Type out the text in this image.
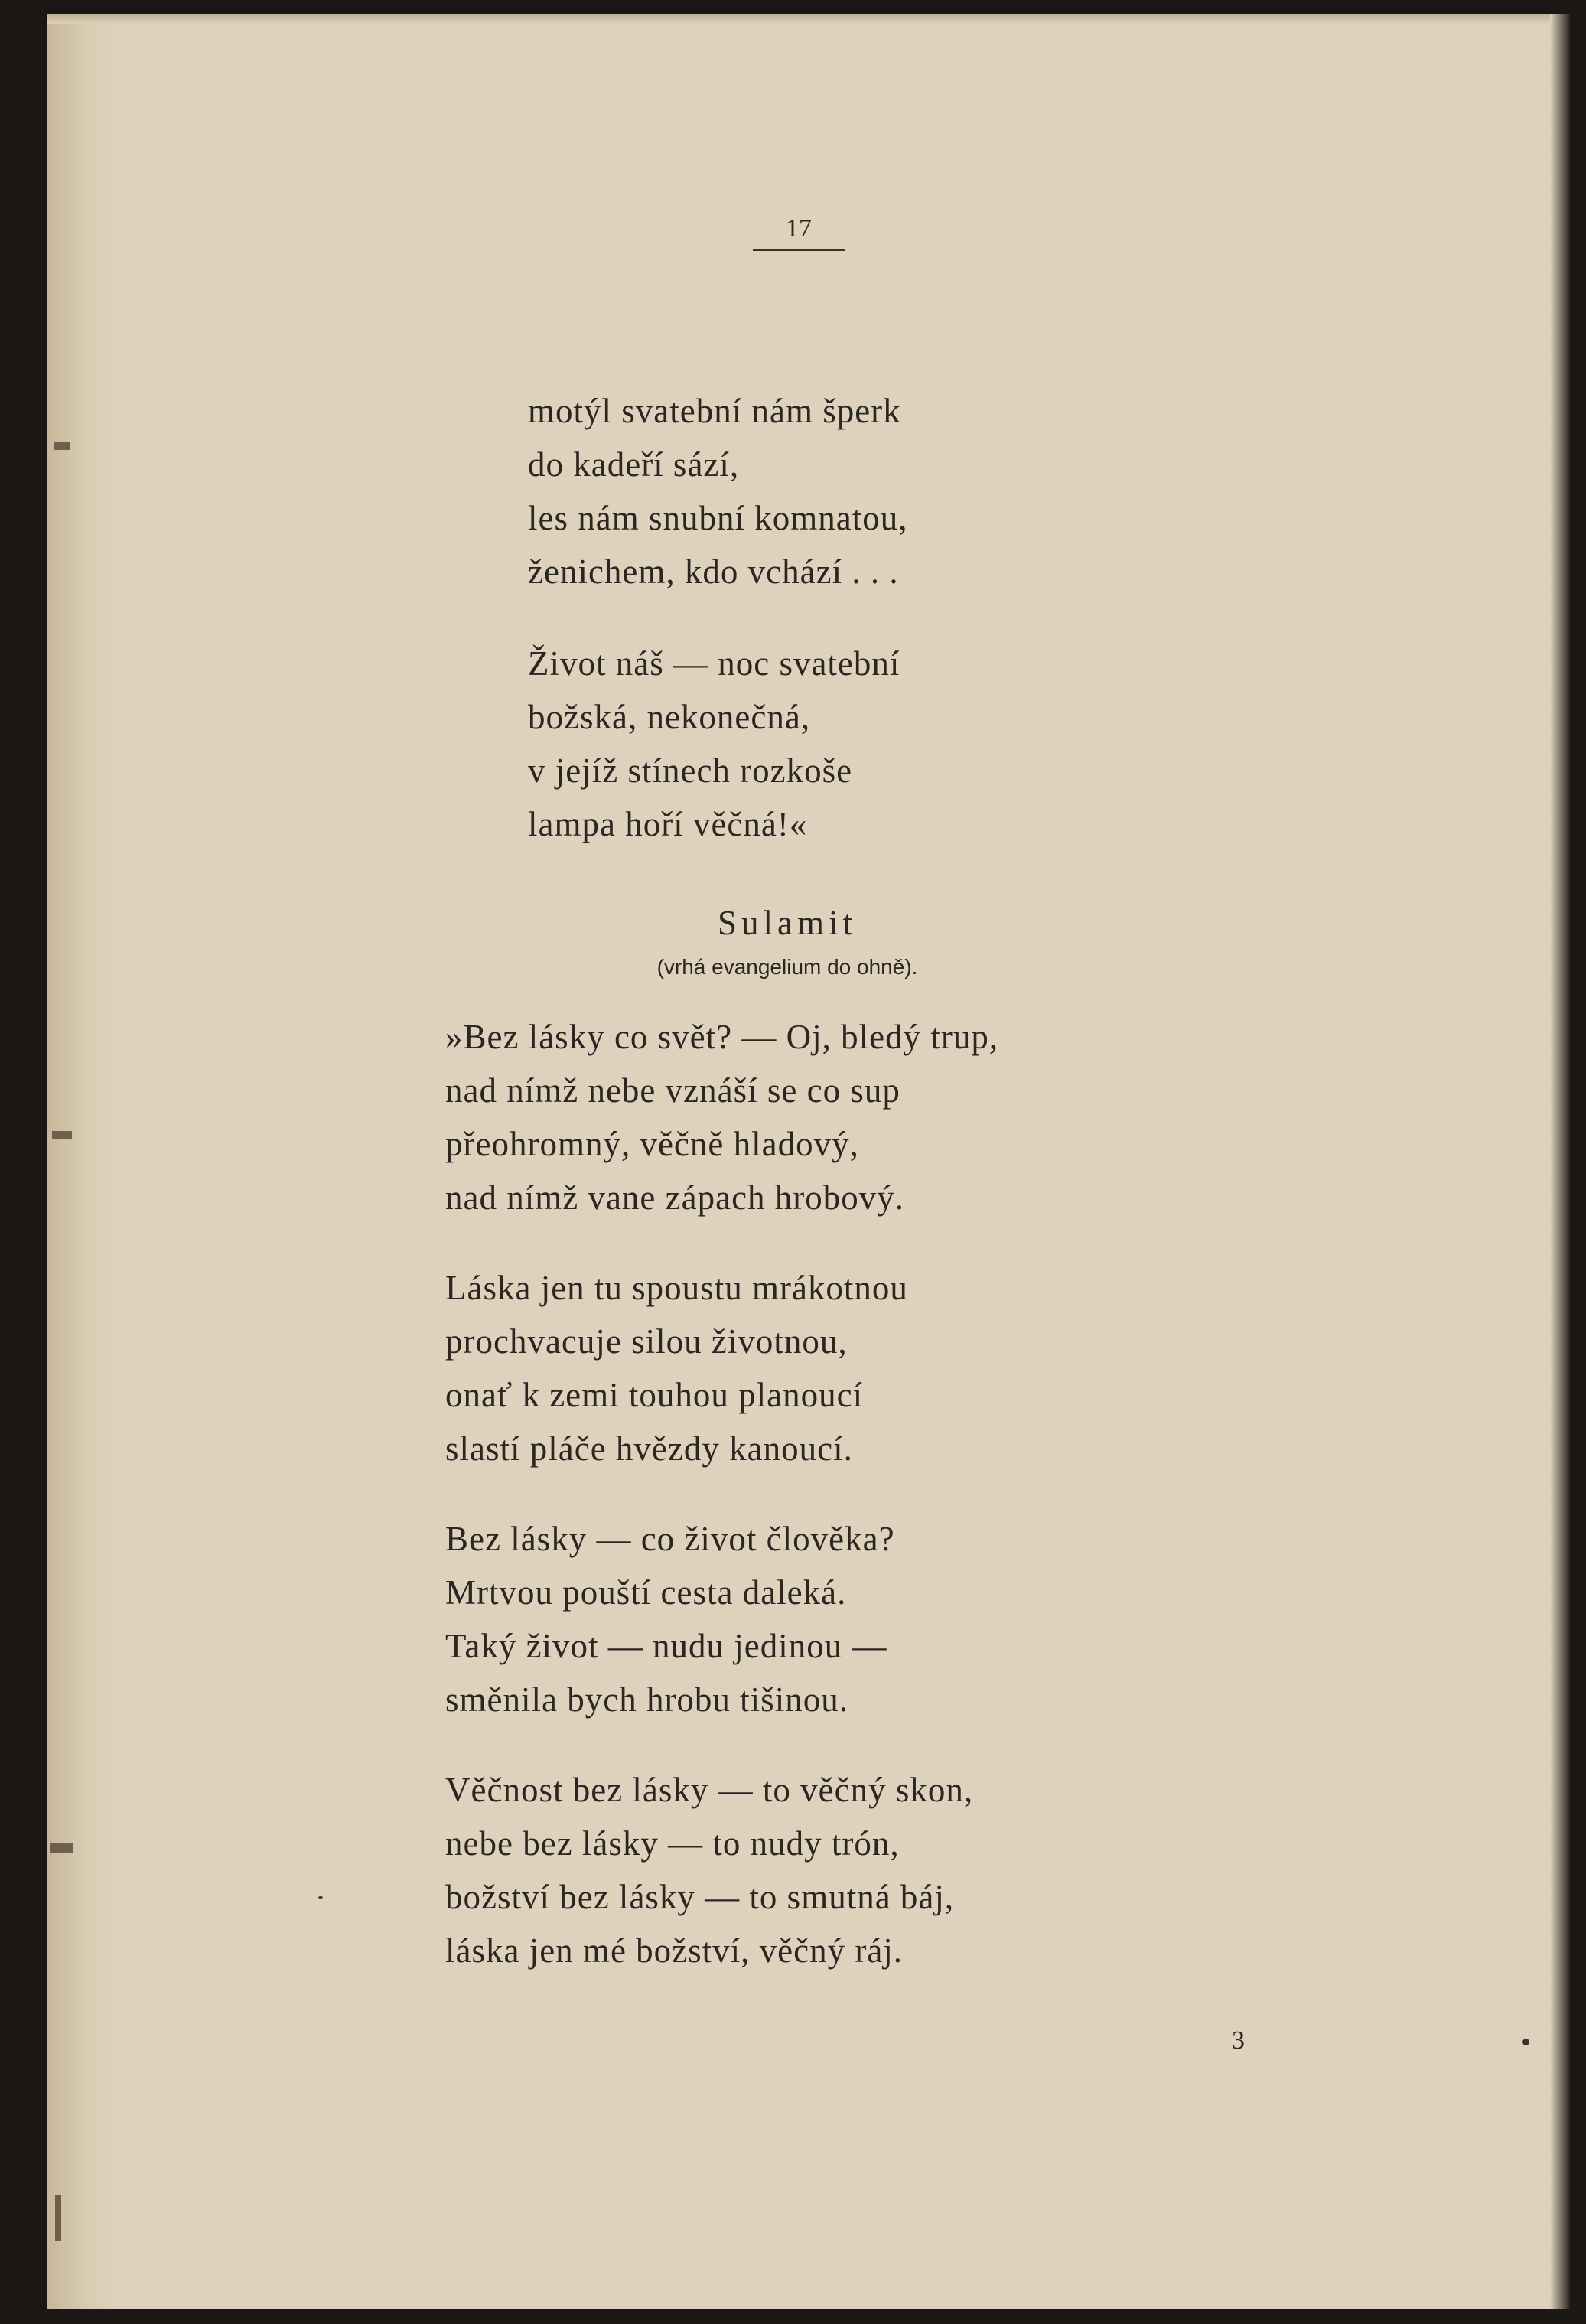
17

motýl svatební nám šperk

do kadeří sází,

les nám snubní komnatou,

ženichem, kdo vchází . . .

Život náš — noc svatební

božská, nekonečná,

v jejíž stínech rozkoše

lampa hoří věčná!«

Sulamit

(vrhá evangelium do ohně).

»Bez lásky co svět? — Oj, bledý trup,

nad nímž nebe vznáší se co sup

přeohromný, věčně hladový,

nad nímž vane zápach hrobový.

Láska jen tu spoustu mrákotnou

prochvacuje silou životnou,

onať k zemi touhou planoucí

slastí pláče hvězdy kanoucí.

Bez lásky — co život člověka?

Mrtvou pouští cesta daleká.

Taký život — nudu jedinou —

směnila bych hrobu tišinou.

Věčnost bez lásky — to věčný skon,

nebe bez lásky — to nudy trón,

božství bez lásky — to smutná báj,

láska jen mé božství, věčný ráj.

3
